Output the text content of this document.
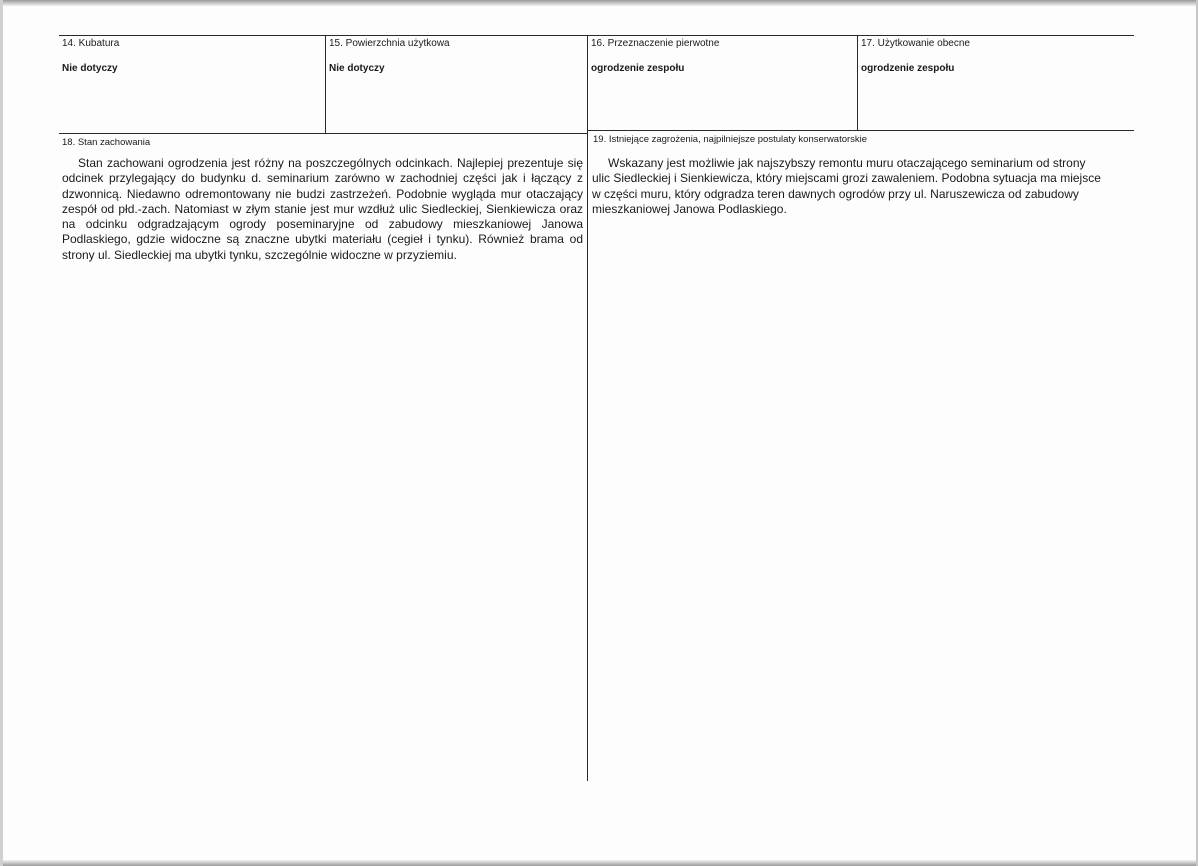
14. Kubatura
Nie dotyczy
15. Powierzchnia użytkowa
Nie dotyczy
16. Przeznaczenie pierwotne
ogrodzenie zespołu
17. Użytkowanie obecne
ogrodzenie zespołu
18. Stan zachowania

Stan zachowani ogrodzenia jest różny na poszczególnych odcinkach. Najlepiej prezentuje się odcinek przylegający do budynku d. seminarium zarówno w zachodniej części jak i łączący z dzwonnicą. Niedawno odremontowany nie budzi zastrzeżeń. Podobnie wygląda mur otaczający zespół od płd.-zach. Natomiast w złym stanie jest mur wzdłuż ulic Siedleckiej, Sienkiewicza oraz na odcinku odgradzającym ogrody poseminaryjne od zabudowy mieszkaniowej Janowa Podlaskiego, gdzie widoczne są znaczne ubytki materiału (cegieł i tynku). Również brama od strony ul. Siedleckiej ma ubytki tynku, szczególnie widoczne w przyziemiu.

19. Istniejące zagrożenia, najpilniejsze postulaty konserwatorskie

Wskazany jest możliwie jak najszybszy remontu muru otaczającego seminarium od strony ulic Siedleckiej i Sienkiewicza, który miejscami grozi zawaleniem. Podobna sytuacja ma miejsce w części muru, który odgradza teren dawnych ogrodów przy ul. Naruszewicza od zabudowy mieszkaniowej Janowa Podlaskiego.
